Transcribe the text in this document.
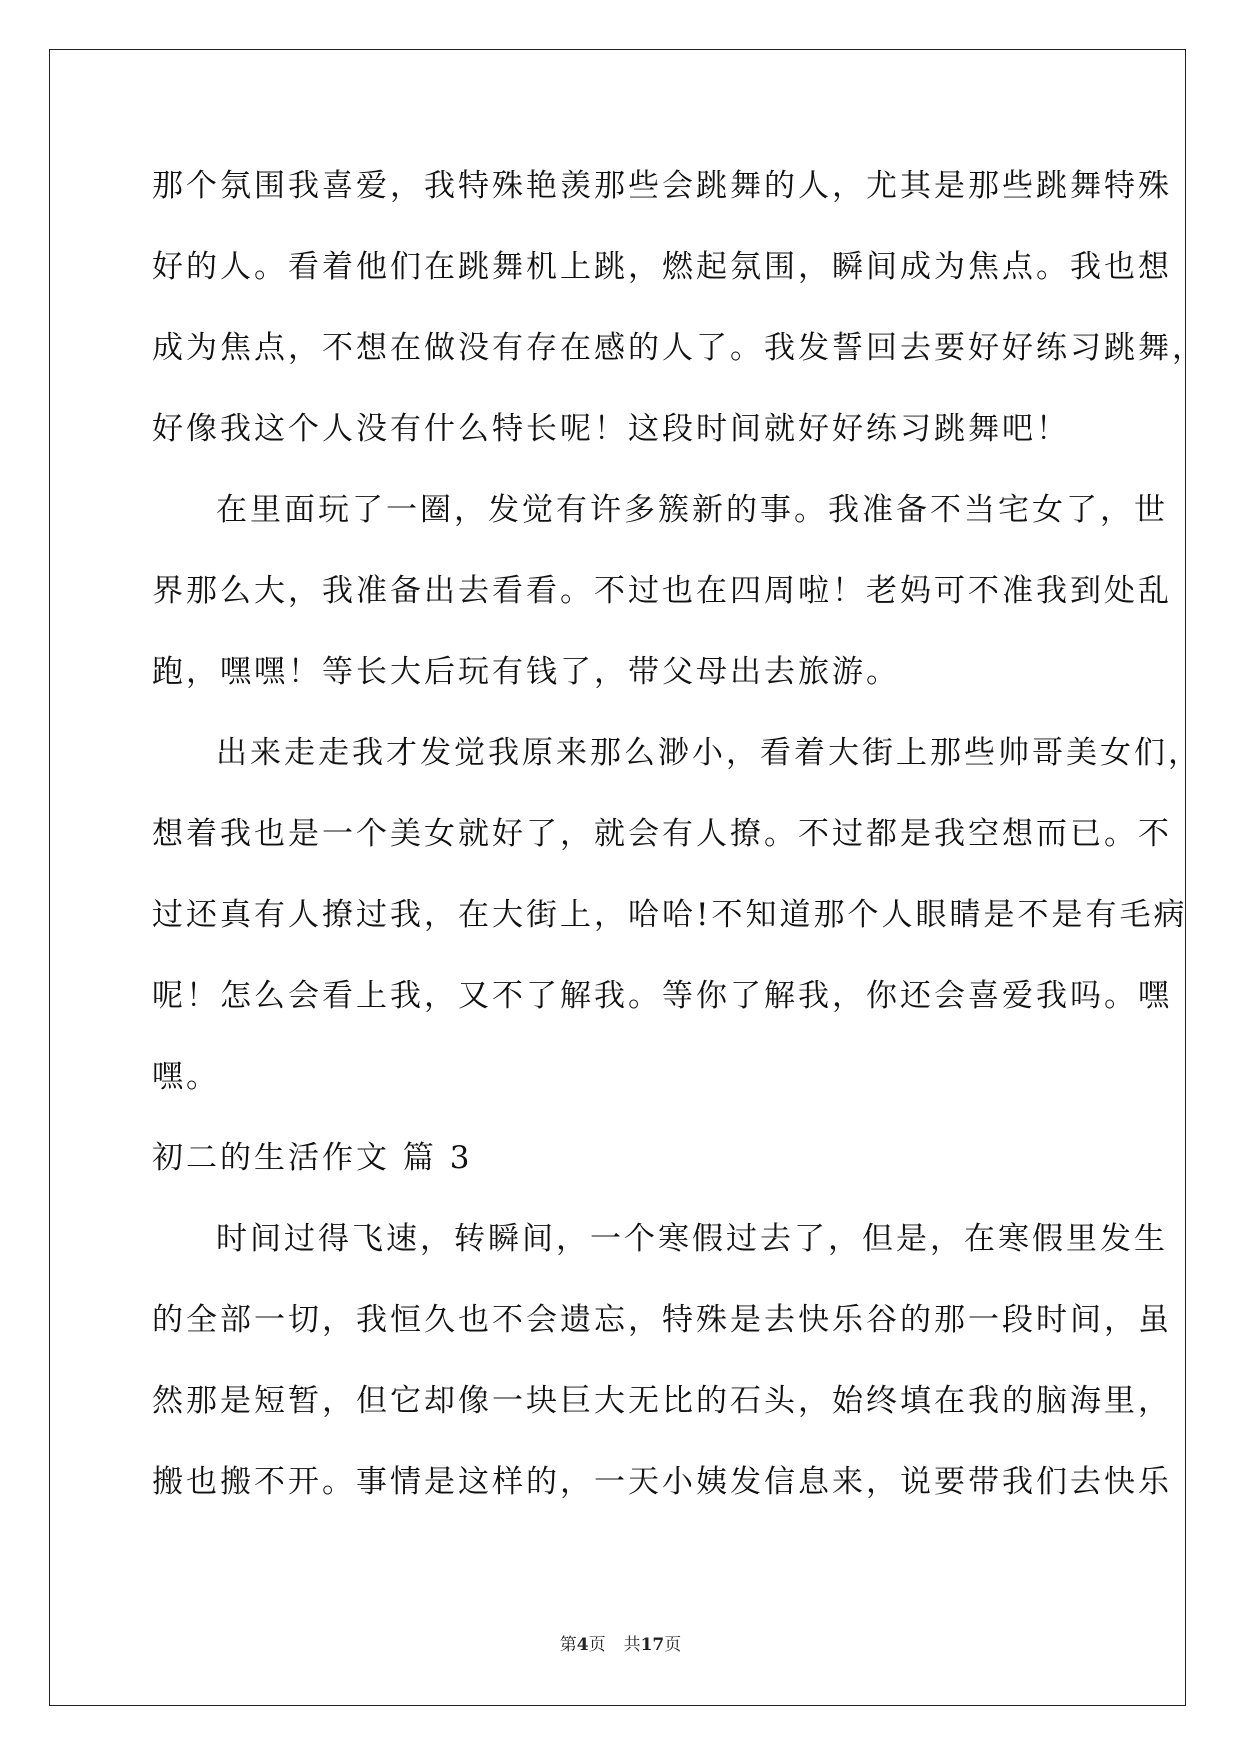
那个氛围我喜爱，我特殊艳羡那些会跳舞的人，尤其是那些跳舞特殊
好的人。看着他们在跳舞机上跳，燃起氛围，瞬间成为焦点。我也想
成为焦点，不想在做没有存在感的人了。我发誓回去要好好练习跳舞，
好像我这个人没有什么特长呢！这段时间就好好练习跳舞吧！
在里面玩了一圈，发觉有许多簇新的事。我准备不当宅女了，世
界那么大，我准备出去看看。不过也在四周啦！老妈可不准我到处乱
跑，嘿嘿！等长大后玩有钱了，带父母出去旅游。
出来走走我才发觉我原来那么渺小，看着大街上那些帅哥美女们，
想着我也是一个美女就好了，就会有人撩。不过都是我空想而已。不
过还真有人撩过我，在大街上，哈哈!不知道那个人眼睛是不是有毛病
呢！怎么会看上我，又不了解我。等你了解我，你还会喜爱我吗。嘿
嘿。
初二的生活作文 篇 3
时间过得飞速，转瞬间，一个寒假过去了，但是，在寒假里发生
的全部一切，我恒久也不会遗忘，特殊是去快乐谷的那一段时间，虽
然那是短暂，但它却像一块巨大无比的石头，始终填在我的脑海里，
搬也搬不开。事情是这样的，一天小姨发信息来，说要带我们去快乐
第4页 共17页
